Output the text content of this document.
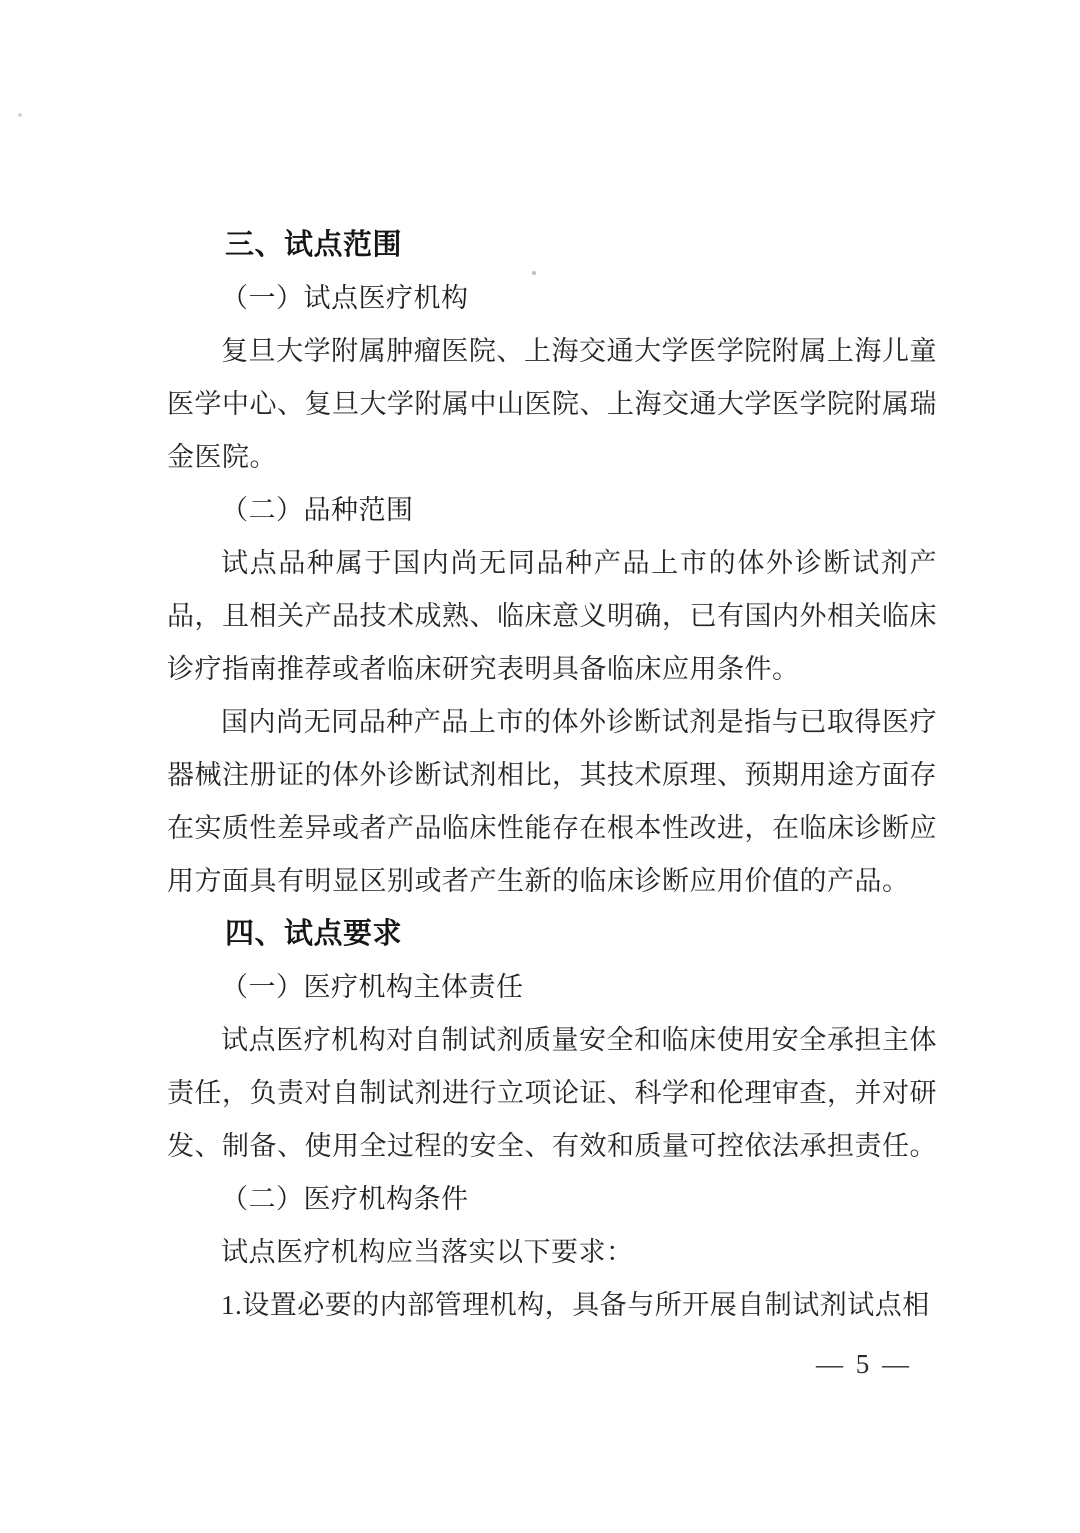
三、试点范围

（一）试点医疗机构

复旦大学附属肿瘤医院、上海交通大学医学院附属上海儿童医学中心、复旦大学附属中山医院、上海交通大学医学院附属瑞金医院。

（二）品种范围

试点品种属于国内尚无同品种产品上市的体外诊断试剂产品，且相关产品技术成熟、临床意义明确，已有国内外相关临床诊疗指南推荐或者临床研究表明具备临床应用条件。

国内尚无同品种产品上市的体外诊断试剂是指与已取得医疗器械注册证的体外诊断试剂相比，其技术原理、预期用途方面存在实质性差异或者产品临床性能存在根本性改进，在临床诊断应用方面具有明显区别或者产生新的临床诊断应用价值的产品。

四、试点要求

（一）医疗机构主体责任

试点医疗机构对自制试剂质量安全和临床使用安全承担主体责任，负责对自制试剂进行立项论证、科学和伦理审查，并对研发、制备、使用全过程的安全、有效和质量可控依法承担责任。

（二）医疗机构条件

试点医疗机构应当落实以下要求：

1.设置必要的内部管理机构，具备与所开展自制试剂试点相

— 5 —
